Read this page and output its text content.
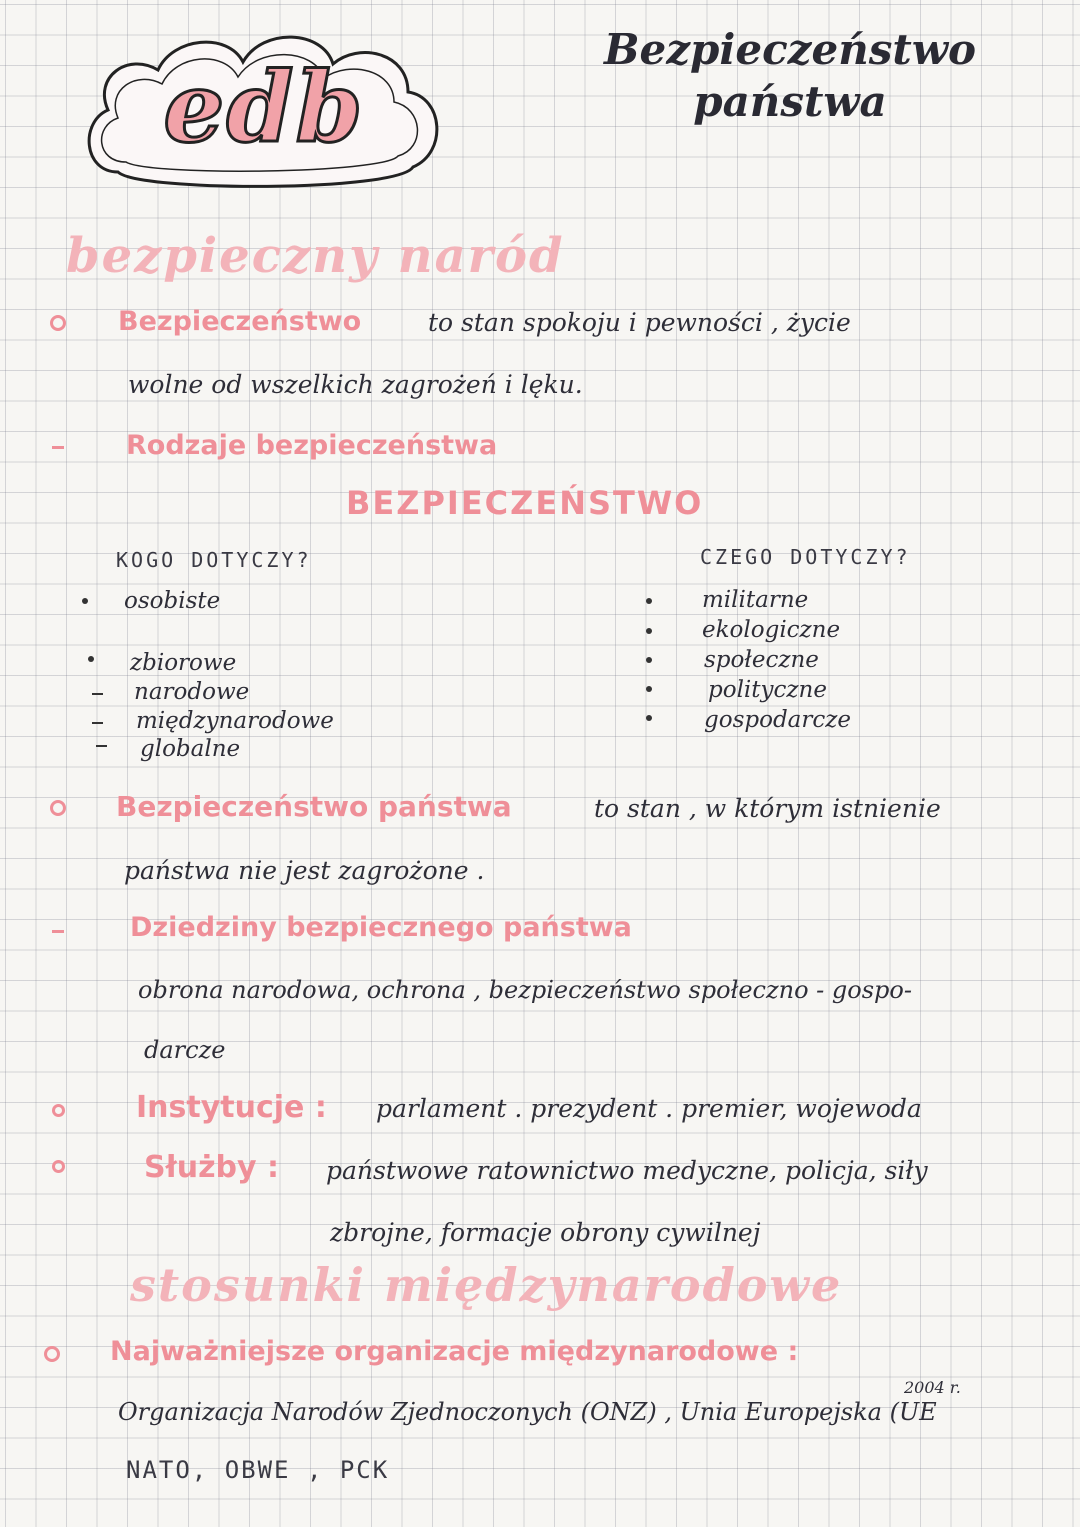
edb
Bezpieczeństwo
państwa
bezpieczny naród
Bezpieczeństwo	to stan spokoju i pewności , życie
wolne od wszelkich zagrożeń i lęku.
Rodzaje bezpieczeństwa
BEZPIECZEŃSTWO
KOGO DOTYCZY?	CZEGO DOTYCZY?
osobiste
zbiorowe
narodowe
międzynarodowe
globalne
militarne
ekologiczne
społeczne
polityczne
gospodarcze
Bezpieczeństwo państwa	to stan , w którym istnienie
państwa nie jest zagrożone .
Dziedziny bezpiecznego państwa
obrona narodowa, ochrona , bezpieczeństwo społeczno - gospo-
darcze
Instytucje : parlament . prezydent . premier, wojewoda
Służby : państwowe ratownictwo medyczne, policja, siły
zbrojne, formacje obrony cywilnej
stosunki międzynarodowe
Najważniejsze organizacje międzynarodowe :
2004 r.
Organizacja Narodów Zjednoczonych (ONZ) , Unia Europejska (UE
NATO, OBWE , PCK
